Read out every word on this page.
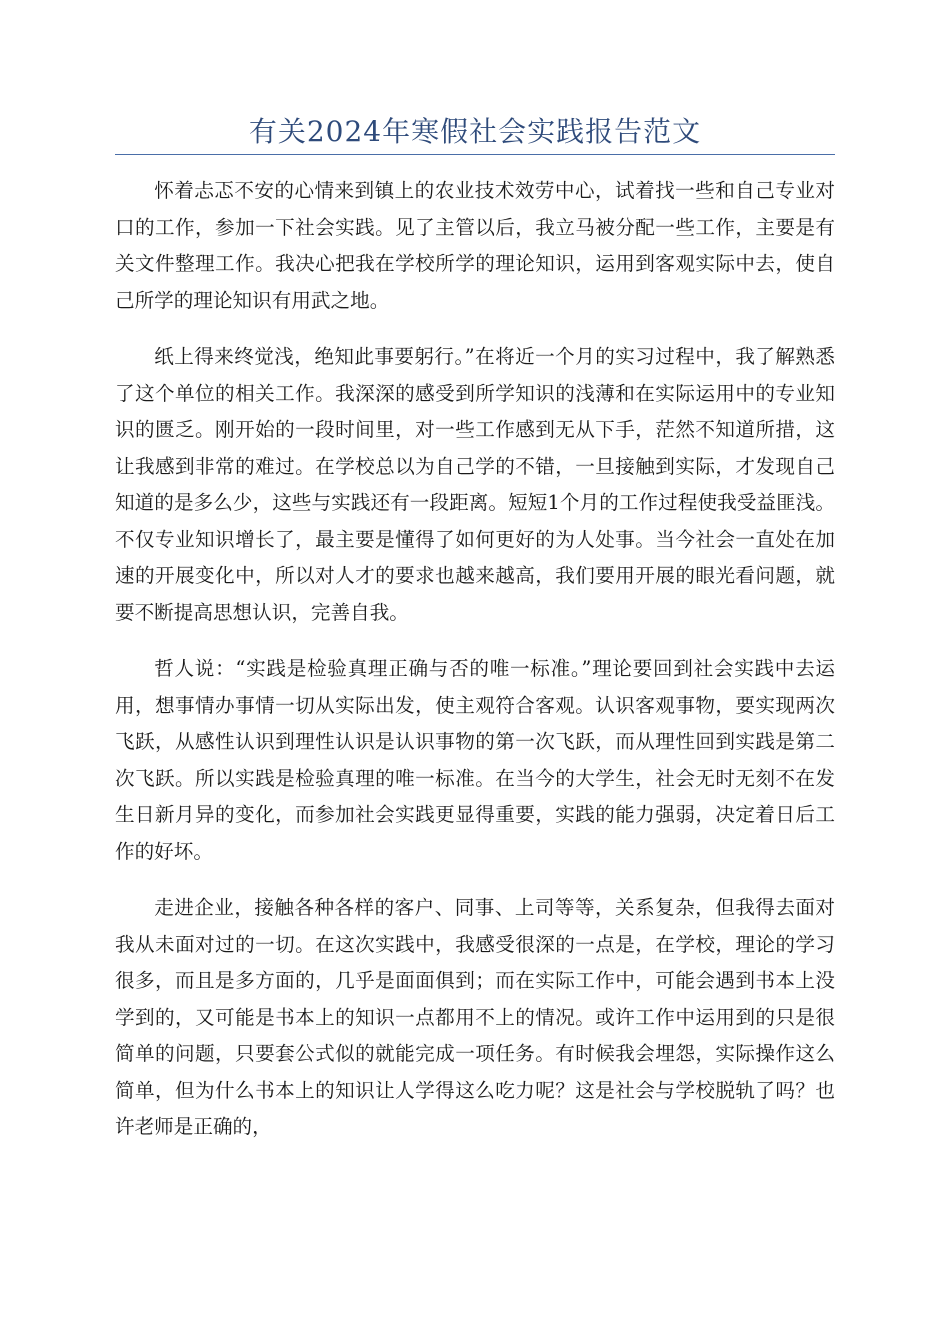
有关2024年寒假社会实践报告范文

怀着忐忑不安的心情来到镇上的农业技术效劳中心，试着找一些和自己专业对口的工作，参加一下社会实践。见了主管以后，我立马被分配一些工作，主要是有关文件整理工作。我决心把我在学校所学的理论知识，运用到客观实际中去，使自己所学的理论知识有用武之地。

纸上得来终觉浅，绝知此事要躬行。”在将近一个月的实习过程中，我了解熟悉了这个单位的相关工作。我深深的感受到所学知识的浅薄和在实际运用中的专业知识的匮乏。刚开始的一段时间里，对一些工作感到无从下手，茫然不知道所措，这让我感到非常的难过。在学校总以为自己学的不错，一旦接触到实际，才发现自己知道的是多么少，这些与实践还有一段距离。短短1个月的工作过程使我受益匪浅。不仅专业知识增长了，最主要是懂得了如何更好的为人处事。当今社会一直处在加速的开展变化中，所以对人才的要求也越来越高，我们要用开展的眼光看问题，就要不断提高思想认识，完善自我。

哲人说：“实践是检验真理正确与否的唯一标准。”理论要回到社会实践中去运用，想事情办事情一切从实际出发，使主观符合客观。认识客观事物，要实现两次飞跃，从感性认识到理性认识是认识事物的第一次飞跃，而从理性回到实践是第二次飞跃。所以实践是检验真理的唯一标准。在当今的大学生，社会无时无刻不在发生日新月异的变化，而参加社会实践更显得重要，实践的能力强弱，决定着日后工作的好坏。

走进企业，接触各种各样的客户、同事、上司等等，关系复杂，但我得去面对我从未面对过的一切。在这次实践中，我感受很深的一点是，在学校，理论的学习很多，而且是多方面的，几乎是面面俱到；而在实际工作中，可能会遇到书本上没学到的，又可能是书本上的知识一点都用不上的情况。或许工作中运用到的只是很简单的问题，只要套公式似的就能完成一项任务。有时候我会埋怨，实际操作这么简单，但为什么书本上的知识让人学得这么吃力呢？这是社会与学校脱轨了吗？也许老师是正确的，
